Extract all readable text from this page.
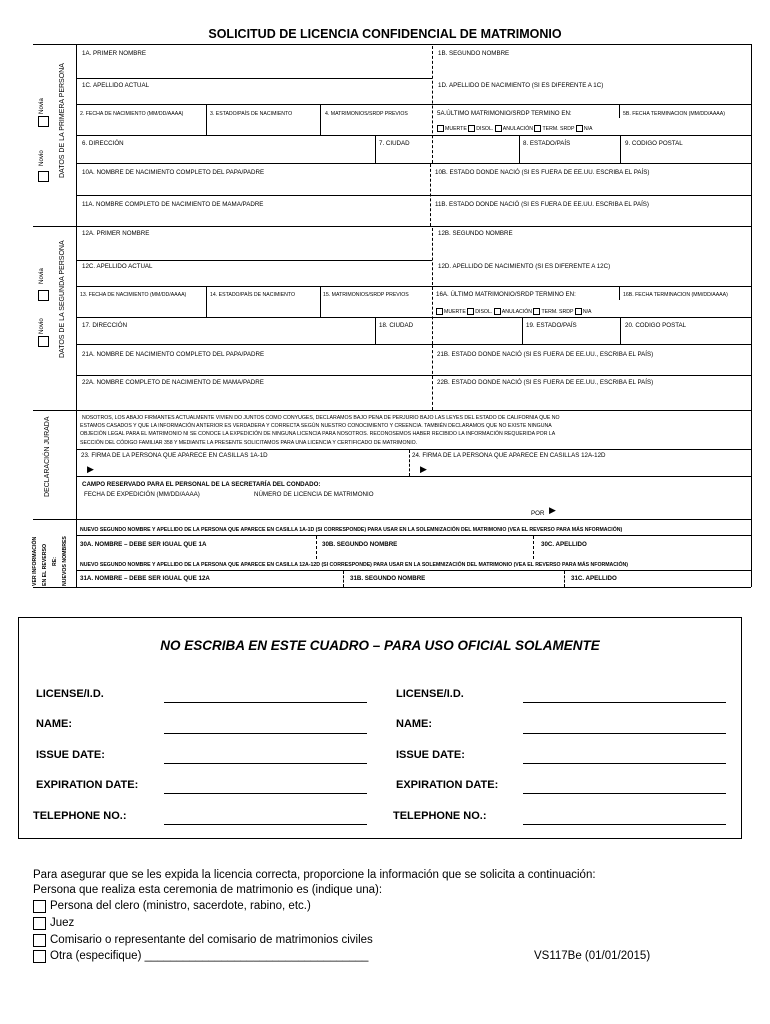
SOLICITUD DE LICENCIA CONFIDENCIAL DE MATRIMONIO
DATOS DE LA PRIMERA PERSONA
Novio
Novia
1A. PRIMER NOMBRE	1B. SEGUNDO NOMBRE
1C. APELLIDO ACTUAL	1D. APELLIDO DE NACIMIENTO (SI ES DIFERENTE A 1C)
2. FECHA DE NACIMIENTO (MM/DD/AAAA)	3. ESTADO/PAÍS DE NACIMIENTO	4. MATRIMONIOS/SRDP PREVIOS	5A.ÚLTIMO MATRIMONIO/SRDP TERMINO EN:	5B. FECHA TERMINACION (MM/DD/AAAA)
MUERTE DISOL. ANULACIÓN TERM. SRDP N/A
6. DIRECCIÓN	7. CIUDAD	8. ESTADO/PAÍS	9. CODIGO POSTAL
10A. NOMBRE DE NACIMIENTO COMPLETO DEL PAPA/PADRE	10B. ESTADO DONDE NACIÓ (SI ES FUERA DE EE.UU. ESCRIBA EL PAÍS)
11A. NOMBRE COMPLETO DE NACIMIENTO DE MAMA/PADRE	11B. ESTADO DONDE NACIÓ (SI ES FUERA DE EE.UU. ESCRIBA EL PAÍS)
DATOS DE LA SEGUNDA PERSONA
Novio
Novia
12A. PRIMER NOMBRE	12B. SEGUNDO NOMBRE
12C. APELLIDO ACTUAL	12D. APELLIDO DE NACIMIENTO (SI ES DIFERENTE A 12C)
13. FECHA DE NACIMIENTO (MM/DD/AAAA)	14. ESTADO/PAÍS DE NACIMIENTO	15. MATRIMONIOS/SRDP PREVIOS	16A. ÚLTIMO MATRIMONIO/SRDP TERMINO EN:	16B. FECHA TERMINACION (MM/DD/AAAA)
MUERTE DISOL. ANULACIÓN TERM. SRDP N/A
17. DIRECCIÓN	18. CIUDAD	19. ESTADO/PAÍS	20. CODIGO POSTAL
21A. NOMBRE DE NACIMIENTO COMPLETO DEL PAPA/PADRE	21B. ESTADO DONDE NACIÓ (SI ES FUERA DE EE.UU., ESCRIBA EL PAÍS)
22A. NOMBRE COMPLETO DE NACIMIENTO DE MAMA/PADRE	22B. ESTADO DONDE NACIÓ (SI ES FUERA DE EE.UU., ESCRIBA EL PAÍS)
DECLARACIÓN JURADA	NOSOTROS, LOS ABAJO FIRMANTES ACTUALMENTE VIVIEN DO JUNTOS COMO CONYUGES, DECLARAMOS BAJO PENA DE PERJURIO BAJO LAS LEYES DEL ESTADO DE CALIFORNIA QUE NO
ESTAMOS CASADOS Y QUE LA INFORMACIÓN ANTERIOR ES VERDADERA Y CORRECTA SEGÚN NUESTRO CONOCIMIENTO Y CREENCIA. TAMBIÉN DECLARAMOS QUE NO EXISTE NINGUNA
OBJECIÓN LEGAL PARA EL MATRIMONIO NI SE CONOCE LA EXPEDICIÓN DE NINGUNA LICENCIA PARA NOSOTROS. RECONOSEMOS HABER RECIBIDO LA INFORMACIÓN REQUERIDA POR LA
SECCIÓN DEL CÓDIGO FAMILIAR 358 Y MEDIANTE LA PRESENTE SOLICITAMOS PARA UNA LICENCIA Y CERTIFICADO DE MATRIMONIO.
23. FIRMA DE LA PERSONA QUE APARECE EN CASILLAS 1A-1D	24. FIRMA DE LA PERSONA QUE APARECE EN CASILLAS 12A-12D
▶	▶
CAMPO RESERVADO PARA EL PERSONAL DE LA SECRETARÍA DEL CONDADO:
FECHA DE EXPEDICIÓN (MM/DD/AAAA)	NÚMERO DE LICENCIA DE MATRIMONIO
POR ▶
VER INFORMACIÓN EN EL REVERSO RE: NUEVOS NOMBRES
NUEVO SEGUNDO NOMBRE Y APELLIDO DE LA PERSONA QUE APARECE EN CASILLA 1A-1D (SI CORRESPONDE) PARA USAR EN LA SOLEMNIZACIÓN DEL MATRIMONIO (VEA EL REVERSO PARA MÁS NFORMACIÓN)
30A. NOMBRE – DEBE SER IGUAL QUE 1A	30B. SEGUNDO NOMBRE	30C. APELLIDO
NUEVO SEGUNDO NOMBRE Y APELLIDO DE LA PERSONA QUE APARECE EN CASILLA 12A-12D (SI CORRESPONDE) PARA USAR EN LA SOLEMNIZACIÓN DEL MATRIMONIO (VEA EL REVERSO PARA MÁS NFORMACIÓN)
31A. NOMBRE – DEBE SER IGUAL QUE 12A	31B. SEGUNDO NOMBRE	31C. APELLIDO
NO ESCRIBA EN ESTE CUADRO – PARA USO OFICIAL SOLAMENTE
LICENSE/I.D.
NAME:
ISSUE DATE:
EXPIRATION DATE:
TELEPHONE NO.:
LICENSE/I.D.
NAME:
ISSUE DATE:
EXPIRATION DATE:
TELEPHONE NO.:
Para asegurar que se les expida la licencia correcta, proporcione la información que se solicita a continuación:
Persona que realiza esta ceremonia de matrimonio es (indique una):
Persona del clero (ministro, sacerdote, rabino, etc.)
Juez
Comisario o representante del comisario de matrimonios civiles
Otra (especifique) ___________________________________	VS117Be (01/01/2015)
